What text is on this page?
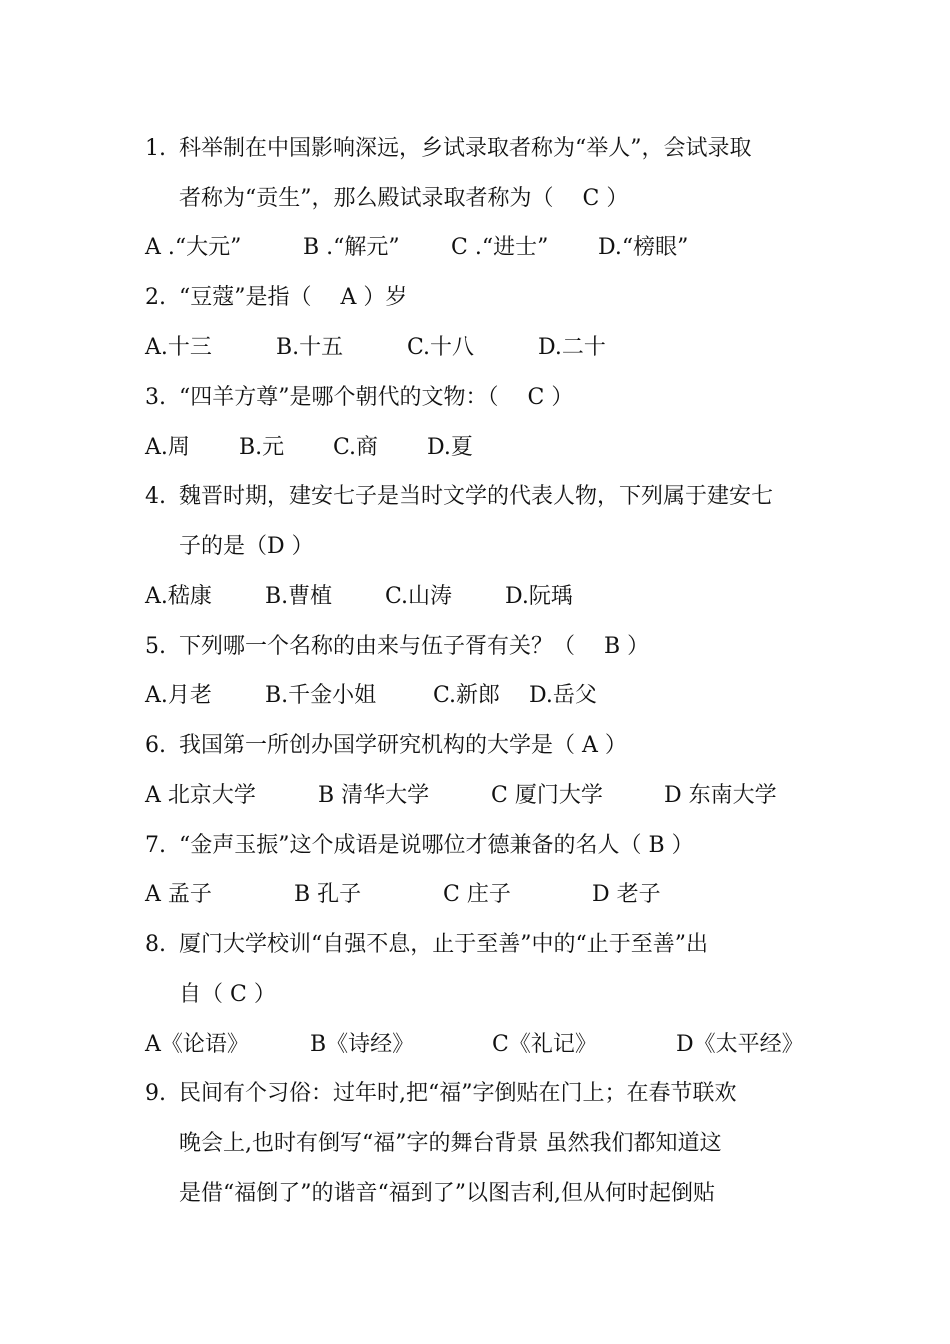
1. 科举制在中国影响深远，乡试录取者称为“举人”，会试录取
者称为“贡生”，那么殿试录取者称为（　 C ）
A .“大元”	B .“解元” C .“进士” D.“榜眼”
2. “豆蔻”是指（　 A ）岁
A.十三	B.十五	C.十八	D.二十
3. “四羊方尊”是哪个朝代的文物：（　 C ）
A.周 B.元 C.商 D.夏
4. 魏晋时期，建安七子是当时文学的代表人物，下列属于建安七
子的是（D ）
A.嵇康 B.曹植 C.山涛 D.阮瑀
5. 下列哪一个名称的由来与伍子胥有关？（　 B ）
A.月老 B.千金小姐	C.新郎 D.岳父
6. 我国第一所创办国学研究机构的大学是（ A ）
A 北京大学	B 清华大学	C 厦门大学	D 东南大学
7. “金声玉振”这个成语是说哪位才德兼备的名人（ B ）
A 孟子	B 孔子	C 庄子	D 老子
8. 厦门大学校训“自强不息，止于至善”中的“止于至善”出
自（ C ）
A《论语》	B《诗经》	C《礼记》	D《太平经》
9. 民间有个习俗：过年时,把“福”字倒贴在门上；在春节联欢
晚会上,也时有倒写“福”字的舞台背景 虽然我们都知道这
是借“福倒了”的谐音“福到了”以图吉利,但从何时起倒贴
